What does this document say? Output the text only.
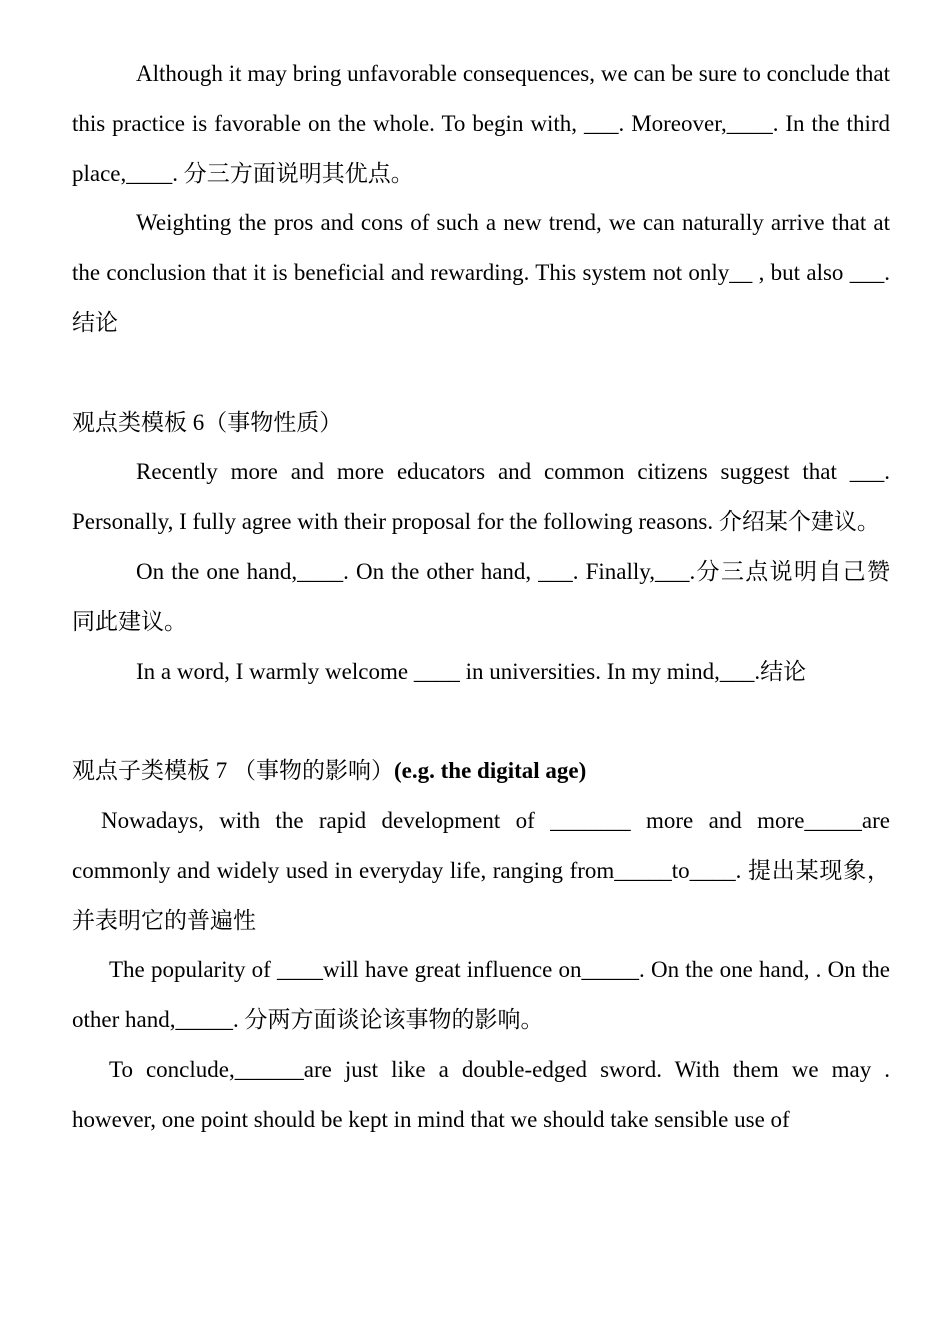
Although it may bring unfavorable consequences, we can be sure to conclude that this practice is favorable on the whole. To begin with, ___. Moreover,____. In the third place,____. 分三方面说明其优点。

Weighting the pros and cons of such a new trend, we can naturally arrive that at the conclusion that it is beneficial and rewarding. This system not only__ , but also ___. 结论

观点类模板 6（事物性质）

Recently more and more educators and common citizens suggest that ___. Personally, I fully agree with their proposal for the following reasons. 介绍某个建议。

On the one hand,____. On the other hand, ___. Finally,___.分三点说明自己赞同此建议。

In a word, I warmly welcome ____ in universities. In my mind,___.结论

观点子类模板 7 （事物的影响）(e.g. the digital age)

Nowadays, with the rapid development of _______ more and more_____are commonly and widely used in everyday life, ranging from_____to____. 提出某现象，并表明它的普遍性

The popularity of ____will have great influence on_____. On the one hand, . On the other hand,_____. 分两方面谈论该事物的影响。

To conclude,______are just like a double-edged sword. With them we may . however, one point should be kept in mind that we should take sensible use of
